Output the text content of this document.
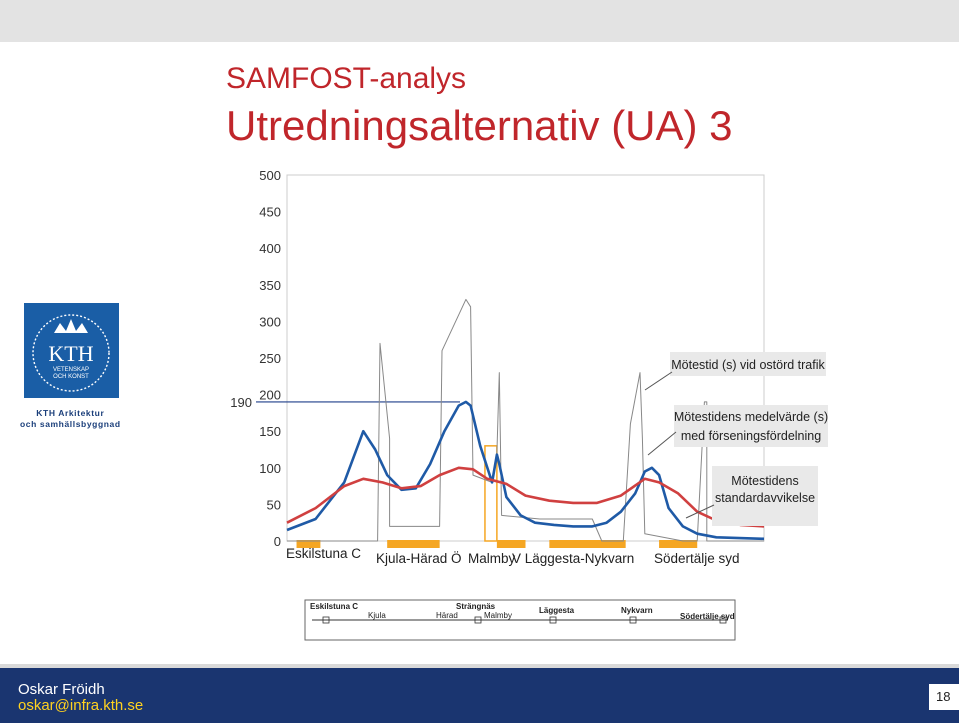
SAMFOST-analys
Utredningsalternativ (UA) 3
KTH
VETENSKAP
OCH KONST
KTH Arkitektur
och samhällsbyggnad
0
50
100
150
200
250
300
350
400
450
500
190
Eskilstuna C Kjula-Härad Ö Malmby
V Läggesta-Nykvarn Södertälje syd
Mötestid (s) vid ostörd trafik
Mötestidens medelvärde (s)
med förseningsfördelning
Mötestidens
standardavvikelse
Eskilstuna C
Kjula	Härad
Strängnäs
Malmby
Läggesta	Nykvarn
Södertälje syd
Oskar Fröidh
oskar@infra.kth.se
18
